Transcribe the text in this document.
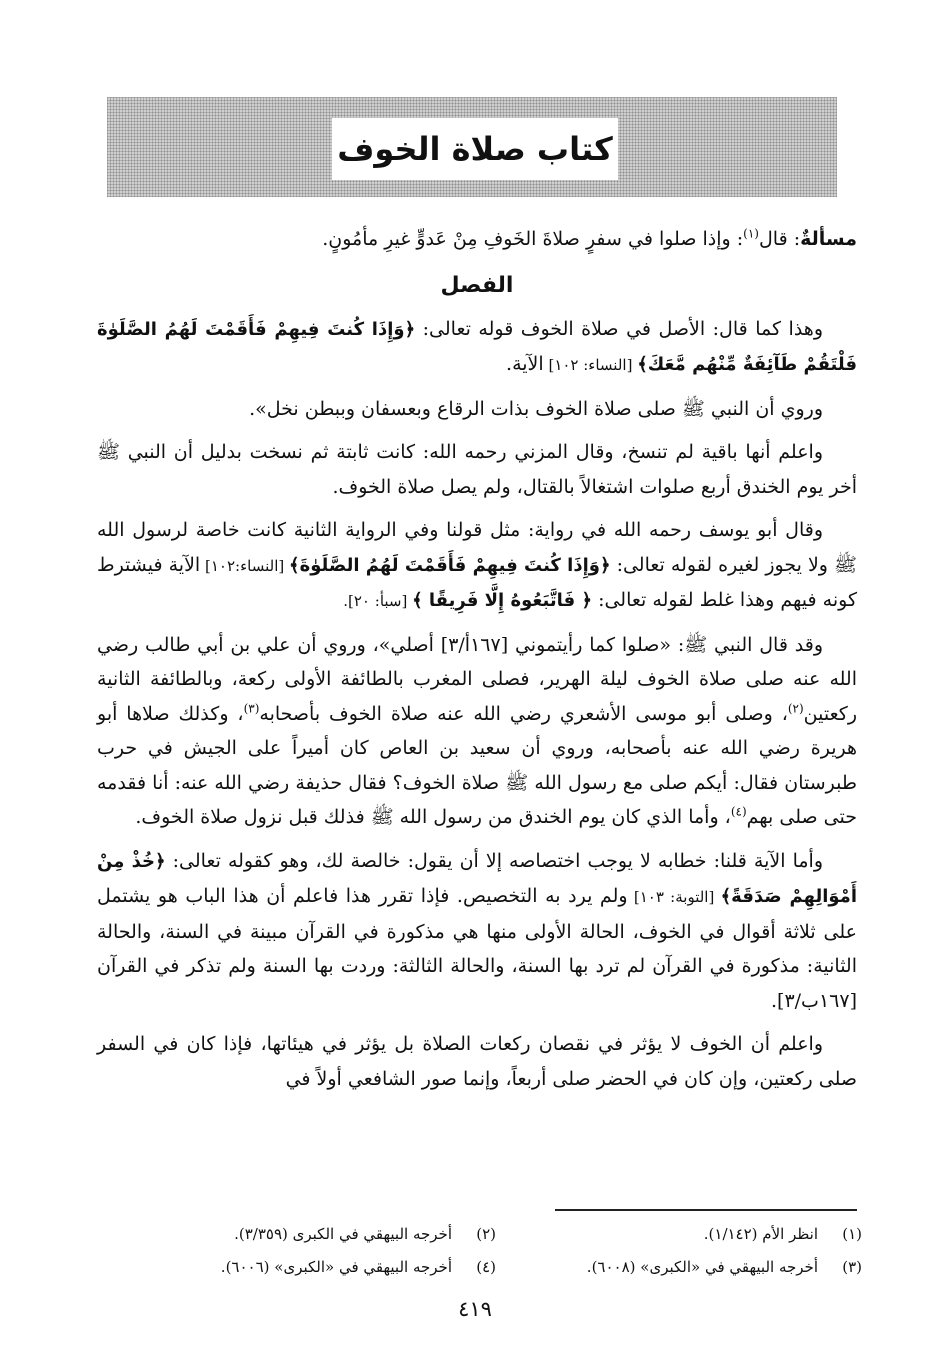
كتاب صلاة الخوف

مسألةٌ: قال$^{(١)}$: وإذا صلوا في سفرٍ صلاةَ الخَوفِ مِنْ عَدوٍّ غيرِ مأمُونٍ.

الفصل

وهذا كما قال: الأصل في صلاة الخوف قوله تعالى: ﴿وَإِذَا كُنتَ فِيهِمْ فَأَقَمْتَ لَهُمُ الصَّلَوٰةَ فَلْتَقُمْ طَآئِفَةٌ مِّنْهُم مَّعَكَ﴾ [النساء: ١٠٢] الآية.

وروي أن النبي ﷺ صلى صلاة الخوف بذات الرقاع وبعسفان وببطن نخل».

واعلم أنها باقية لم تنسخ، وقال المزني رحمه الله: كانت ثابتة ثم نسخت بدليل أن النبي ﷺ أخر يوم الخندق أربع صلوات اشتغالاً بالقتال، ولم يصل صلاة الخوف.

وقال أبو يوسف رحمه الله في رواية: مثل قولنا وفي الرواية الثانية كانت خاصة لرسول الله ﷺ ولا يجوز لغيره لقوله تعالى: ﴿وَإِذَا كُنتَ فِيهِمْ فَأَقَمْتَ لَهُمُ الصَّلَوٰةَ﴾ [النساء:١٠٢] الآية فيشترط كونه فيهم وهذا غلط لقوله تعالى: ﴿ فَاتَّبَعُوهُ إِلَّا فَرِيقًا ﴾ [سبأ: ٢٠].

وقد قال النبي ﷺ: «صلوا كما رأيتموني [١٦٧أ/٣] أصلي»، وروي أن علي بن أبي طالب رضي الله عنه صلى صلاة الخوف ليلة الهرير، فصلى المغرب بالطائفة الأولى ركعة، وبالطائفة الثانية ركعتين$^{(٢)}$، وصلى أبو موسى الأشعري رضي الله عنه صلاة الخوف بأصحابه$^{(٣)}$، وكذلك صلاها أبو هريرة رضي الله عنه بأصحابه، وروي أن سعيد بن العاص كان أميراً على الجيش في حرب طبرستان فقال: أيكم صلى مع رسول الله ﷺ صلاة الخوف؟ فقال حذيفة رضي الله عنه: أنا فقدمه حتى صلى بهم$^{(٤)}$، وأما الذي كان يوم الخندق من رسول الله ﷺ فذلك قبل نزول صلاة الخوف.

وأما الآية قلنا: خطابه لا يوجب اختصاصه إلا أن يقول: خالصة لك، وهو كقوله تعالى: ﴿خُذْ مِنْ أَمْوَالِهِمْ صَدَقَةً﴾ [التوبة: ١٠٣] ولم يرد به التخصيص. فإذا تقرر هذا فاعلم أن هذا الباب هو يشتمل على ثلاثة أقوال في الخوف، الحالة الأولى منها هي مذكورة في القرآن مبينة في السنة، والحالة الثانية: مذكورة في القرآن لم ترد بها السنة، والحالة الثالثة: وردت بها السنة ولم تذكر في القرآن [١٦٧ب/٣].

واعلم أن الخوف لا يؤثر في نقصان ركعات الصلاة بل يؤثر في هيئاتها، فإذا كان في السفر صلى ركعتين، وإن كان في الحضر صلى أربعاً، وإنما صور الشافعي أولاً في

(١)انظر الأم (١/١٤٢).
(٢)أخرجه البيهقي في الكبرى (٣/٣٥٩).
(٣)أخرجه البيهقي في «الكبرى» (٦٠٠٨).
(٤)أخرجه البيهقي في «الكبرى» (٦٠٠٦).
٤١٩
